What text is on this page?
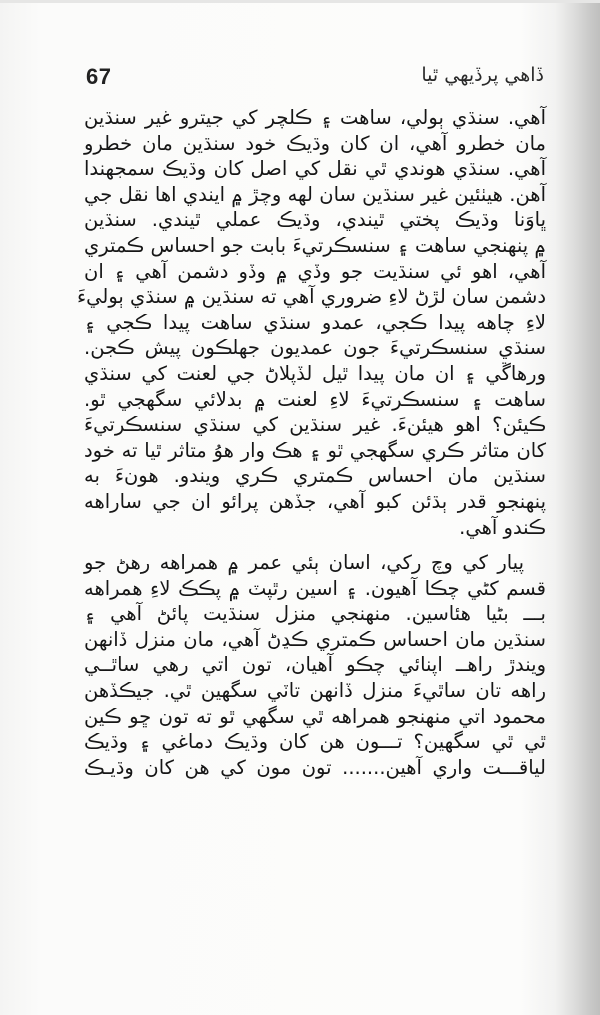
67	ڏاهي پرڏيهي ٿيا
آهي. سنڌي ٻولي، ساهت ۽ ڪلچر کي جيترو غير سنڌين
مان خطرو آهي، ان کان وڌيڪ خود سنڌين مان خطرو
آهي. سنڌي هوندي ٿي نقل کي اصل کان وڌيڪ سمجهندا
آهن. هيٺئين غير سنڌين سان لهه وچڙ ۾ ايندي اها نقل جي
ڀاوَنا وڌيڪ پختي ٿيندي، وڌيڪ عملي ٿيندي. سنڌين
۾ پنهنجي ساهت ۽ سنسڪرتيءَ بابت جو احساس ڪمتري
آهي، اهو ئي سنڌيت جو وڏي ۾ وڏو دشمن آهي ۽ ان
دشمن سان لڙڻ لاءِ ضروري آهي ته سنڌين ۾ سنڌي ٻوليءَ
لاءِ چاهه پيدا ڪجي، عمدو سنڌي ساهت پيدا ڪجي ۽
سنڌي سنسڪرتيءَ جون عمديون جهلڪون پيش ڪجن.
ورهاڱي ۽ ان مان پيدا ٿيل لڏپلاڻ جي لعنت کي سنڌي
ساهت ۽ سنسڪرتيءَ لاءِ لعنت ۾ بدلائي سگهجي ٿو.
ڪيئن؟ اهو هيئنءَ. غير سنڌين کي سنڌي سنسڪرتيءَ
کان متاثر ڪري سگهجي ٿو ۽ هڪ وار هوُ متاثر ٿيا ته خود
سنڌين مان احساس ڪمتري ڪري ويندو. هونءَ به
پنهنجو قدر ٻڌئن کبو آهي، جڏهن پرائو ان جي ساراهه
ڪندو آهي.
پيار کي وچ رکي، اسان ٻئي عمر ۾ همراهه رهڻ جو
قسم کڻي چڪا آهيون. ۽ اسين رٿپٽ ۾ پڪڪ لاءِ همراهه
بـــ بڻيا هئاسين. منهنجي منزل سنڌيت پائڻ آهي ۽
سنڌين مان احساس ڪمتري ڪڍڻ آهي، مان منزل ڏانهن
ويندڙ راهــ اپنائي چڪو آهيان، تون اتي رهي ساٿــي
راهه تان ساٿيءَ منزل ڏانهن تاٽي سگهين ٿي. جيڪڏهن
محمود اتي منهنجو همراهه ٿي سگهي ٿو ته تون ڇو ڪين
ٿي ٿي سگهين؟ تـــون هن کان وڌيڪ دماغي ۽ وڌيڪ
لياقـــت واري آهين....... تون مون کي هن کان وڌيـڪ
